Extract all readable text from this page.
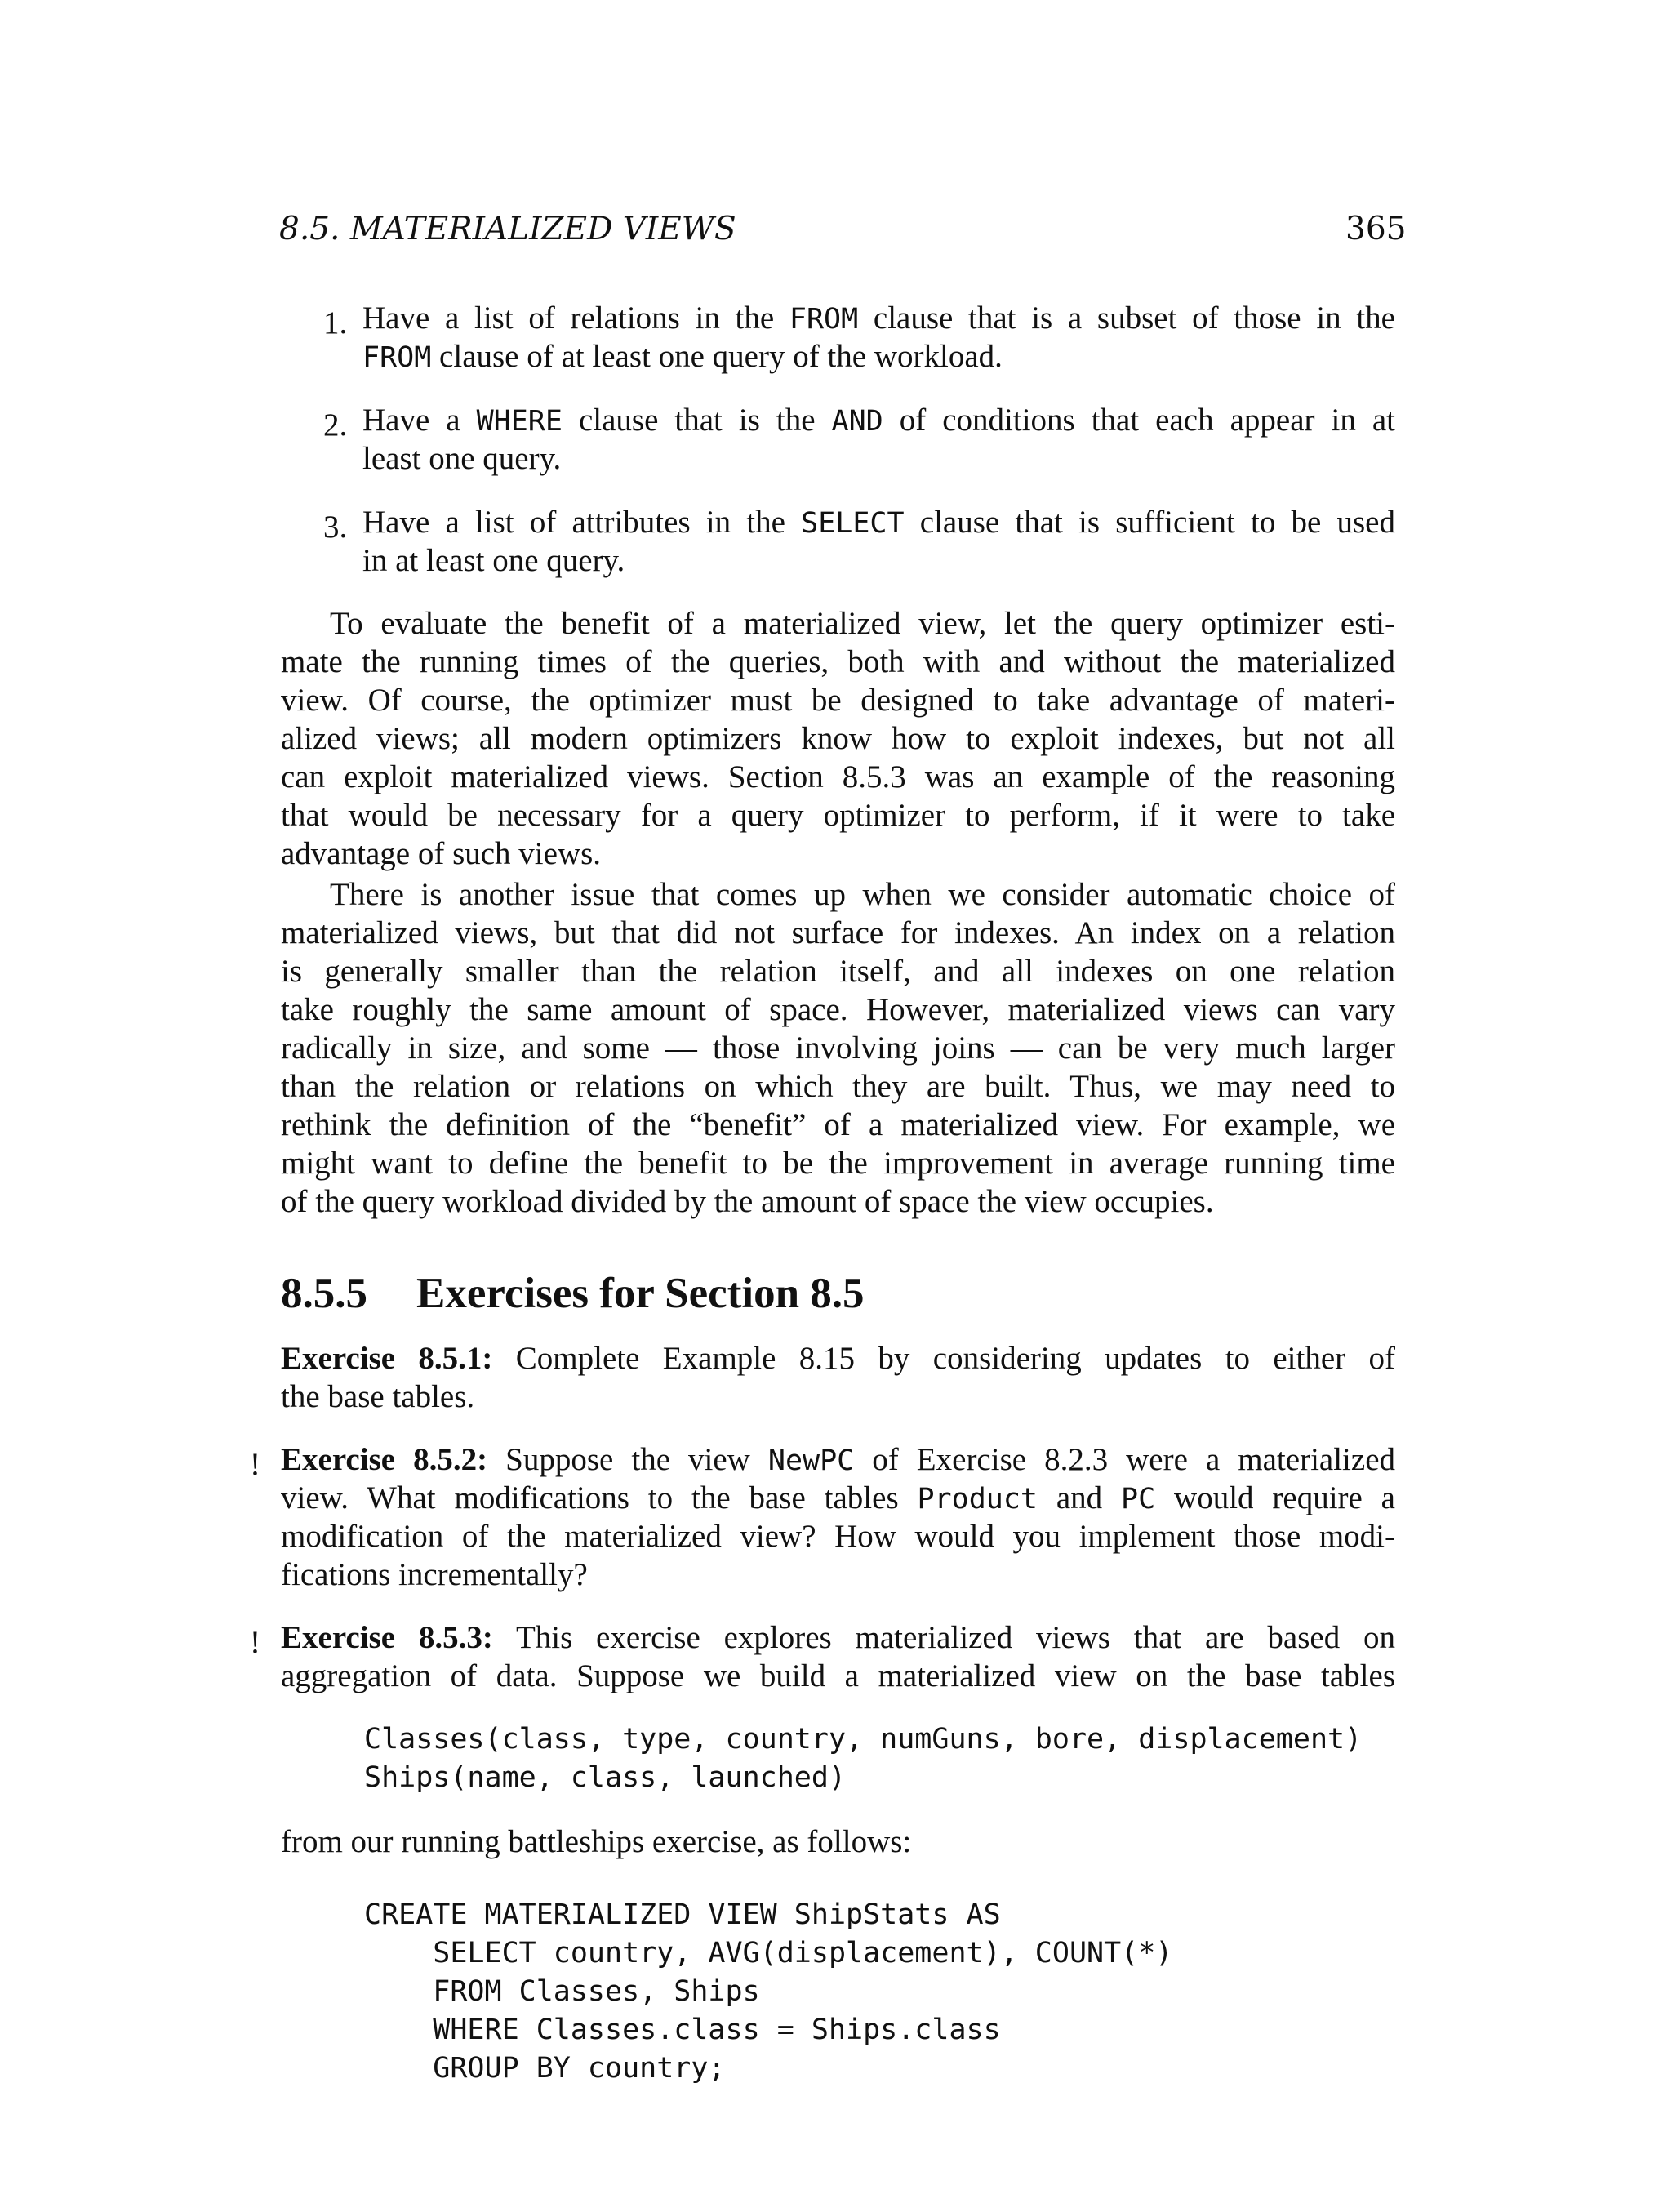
8.5. MATERIALIZED VIEWS	365
1. Have a list of relations in the FROM clause that is a subset of those in the
FROM clause of at least one query of the workload.
2. Have a WHERE clause that is the AND of conditions that each appear in at
least one query.
3. Have a list of attributes in the SELECT clause that is sufficient to be used
in at least one query.
To evaluate the benefit of a materialized view, let the query optimizer esti-
mate the running times of the queries, both with and without the materialized
view. Of course, the optimizer must be designed to take advantage of materi-
alized views; all modern optimizers know how to exploit indexes, but not all
can exploit materialized views. Section 8.5.3 was an example of the reasoning
that would be necessary for a query optimizer to perform, if it were to take
advantage of such views.
There is another issue that comes up when we consider automatic choice of
materialized views, but that did not surface for indexes. An index on a relation
is generally smaller than the relation itself, and all indexes on one relation
take roughly the same amount of space. However, materialized views can vary
radically in size, and some — those involving joins — can be very much larger
than the relation or relations on which they are built. Thus, we may need to
rethink the definition of the “benefit” of a materialized view. For example, we
might want to define the benefit to be the improvement in average running time
of the query workload divided by the amount of space the view occupies.
8.5.5 Exercises for Section 8.5
Exercise 8.5.1: Complete Example 8.15 by considering updates to either of
the base tables.
! Exercise 8.5.2: Suppose the view NewPC of Exercise 8.2.3 were a materialized
view. What modifications to the base tables Product and PC would require a
modification of the materialized view? How would you implement those modi-
fications incrementally?
! Exercise 8.5.3: This exercise explores materialized views that are based on
aggregation of data. Suppose we build a materialized view on the base tables
Classes(class, type, country, numGuns, bore, displacement)
Ships(name, class, launched)
from our running battleships exercise, as follows:
CREATE MATERIALIZED VIEW ShipStats AS
SELECT country, AVG(displacement), COUNT(*)
FROM Classes, Ships
WHERE Classes.class = Ships.class
GROUP BY country;
